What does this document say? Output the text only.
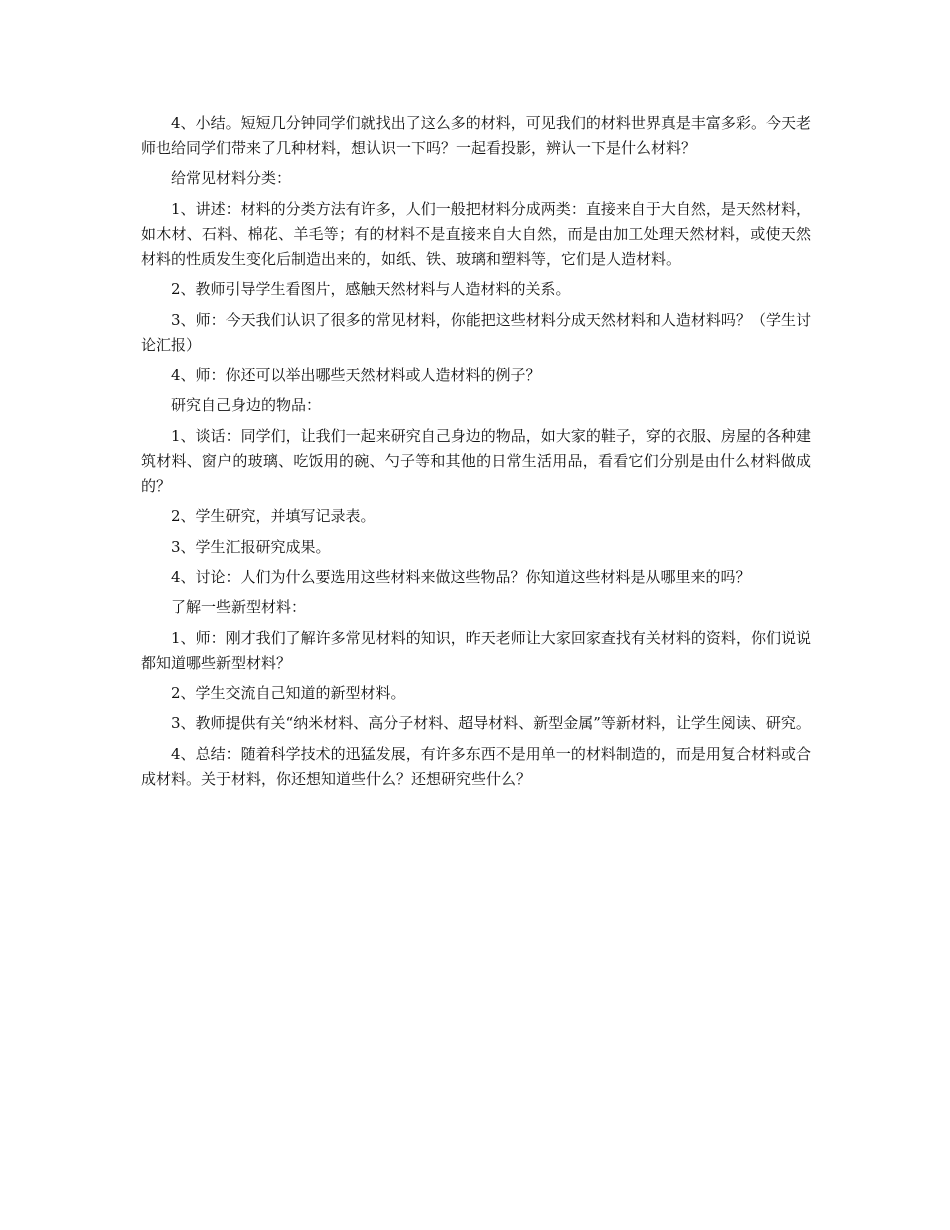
4、小结。短短几分钟同学们就找出了这么多的材料，可见我们的材料世界真是丰富多彩。今天老师也给同学们带来了几种材料，想认识一下吗？一起看投影，辨认一下是什么材料？

给常见材料分类：

1、讲述：材料的分类方法有许多，人们一般把材料分成两类：直接来自于大自然，是天然材料，如木材、石料、棉花、羊毛等；有的材料不是直接来自大自然，而是由加工处理天然材料，或使天然材料的性质发生变化后制造出来的，如纸、铁、玻璃和塑料等，它们是人造材料。

2、教师引导学生看图片，感触天然材料与人造材料的关系。

3、师：今天我们认识了很多的常见材料，你能把这些材料分成天然材料和人造材料吗？（学生讨论汇报）

4、师：你还可以举出哪些天然材料或人造材料的例子？

研究自己身边的物品：

1、谈话：同学们，让我们一起来研究自己身边的物品，如大家的鞋子，穿的衣服、房屋的各种建筑材料、窗户的玻璃、吃饭用的碗、勺子等和其他的日常生活用品，看看它们分别是由什么材料做成的？

2、学生研究，并填写记录表。

3、学生汇报研究成果。

4、讨论：人们为什么要选用这些材料来做这些物品？你知道这些材料是从哪里来的吗？

了解一些新型材料：

1、师：刚才我们了解许多常见材料的知识，昨天老师让大家回家查找有关材料的资料，你们说说都知道哪些新型材料？

2、学生交流自己知道的新型材料。

3、教师提供有关“纳米材料、高分子材料、超导材料、新型金属”等新材料，让学生阅读、研究。

4、总结：随着科学技术的迅猛发展，有许多东西不是用单一的材料制造的，而是用复合材料或合成材料。关于材料，你还想知道些什么？还想研究些什么？
